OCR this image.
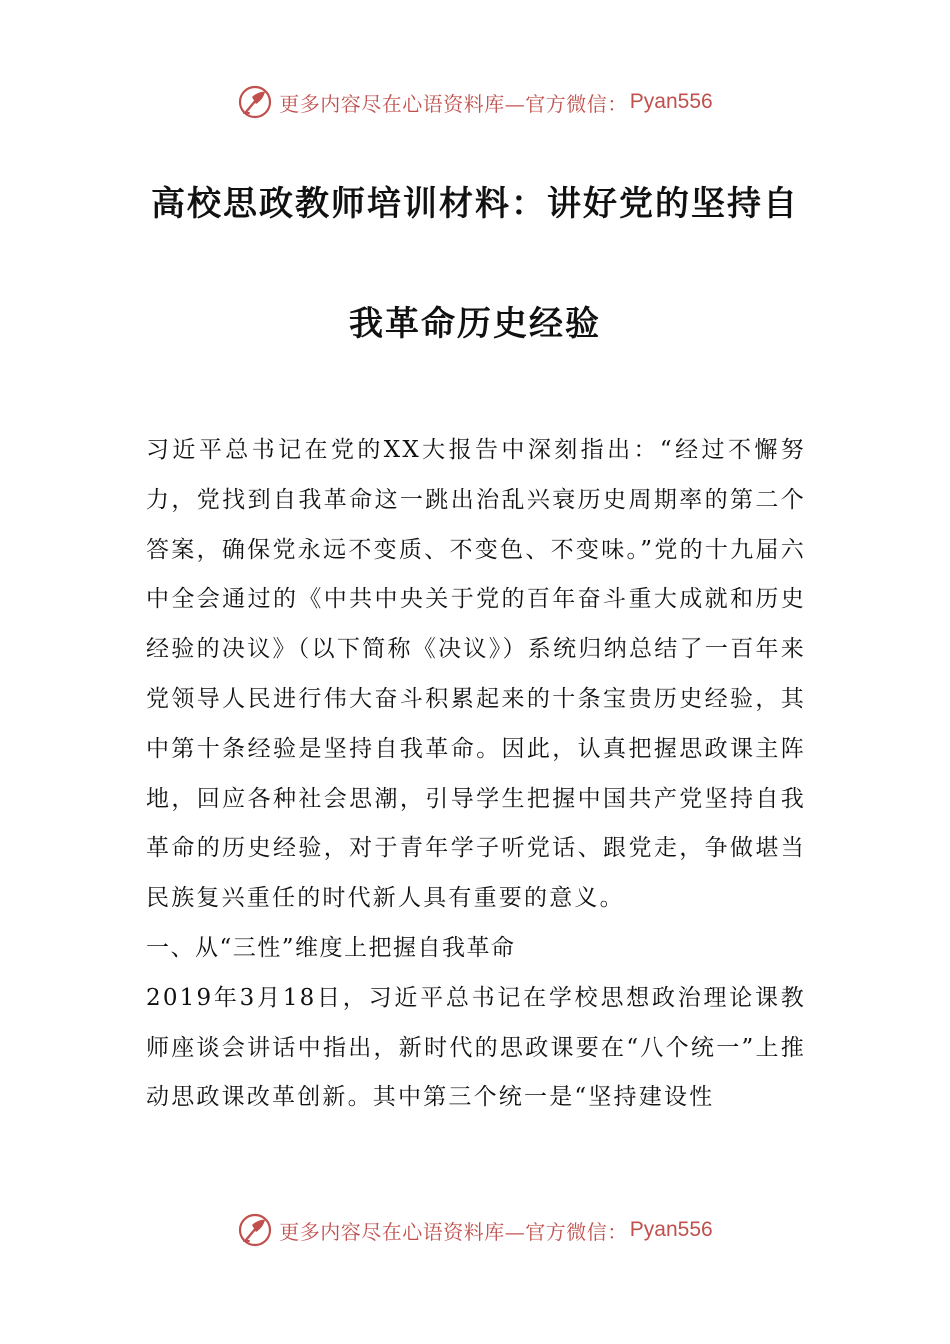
更多内容尽在心语资料库—官方微信： Pyan556
高校思政教师培训材料：讲好党的坚持自
我革命历史经验

习近平总书记在党的XX大报告中深刻指出：“经过不懈努力，党找到自我革命这一跳出治乱兴衰历史周期率的第二个答案，确保党永远不变质、不变色、不变味。”党的十九届六中全会通过的《中共中央关于党的百年奋斗重大成就和历史经验的决议》（以下简称《决议》）系统归纳总结了一百年来党领导人民进行伟大奋斗积累起来的十条宝贵历史经验，其中第十条经验是坚持自我革命。因此，认真把握思政课主阵地，回应各种社会思潮，引导学生把握中国共产党坚持自我革命的历史经验，对于青年学子听党话、跟党走，争做堪当民族复兴重任的时代新人具有重要的意义。

一、从“三性”维度上把握自我革命

2019年3月18日，习近平总书记在学校思想政治理论课教师座谈会讲话中指出，新时代的思政课要在“八个统一”上推动思政课改革创新。其中第三个统一是“坚持建设性

更多内容尽在心语资料库—官方微信： Pyan556
